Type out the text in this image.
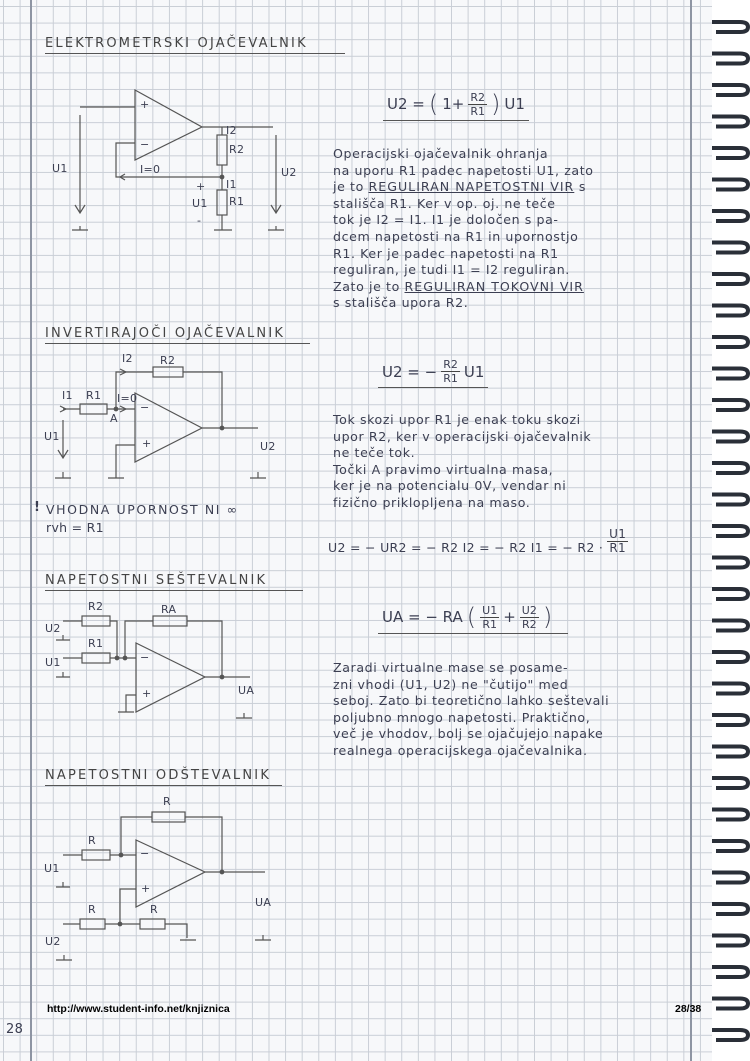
ELEKTROMETRSKI OJAČEVALNIK
U2 = ( $1+ \frac{R2}{R1}$ ) U1
Operacijski ojačevalnik ohranja
na uporu R1 padec napetosti U1, zato
je to REGULIRAN NAPETOSTNI VIR s
stališča R1. Ker v op. oj. ne teče
tok je I2 = I1. I1 je določen s pa-
dcem napetosti na R1 in upornostjo
R1. Ker je padec napetosti na R1
reguliran, je tudi I1 = I2 reguliran.
Zato je to REGULIRAN TOKOVNI VIR
s stališča upora R2.
INVERTIRAJOČI OJAČEVALNIK
U2 = − $\frac{R2}{R1} U1$
Tok skozi upor R1 je enak toku skozi
upor R2, ker v operacijski ojačevalnik
ne teče tok.
Točki A pravimo virtualna masa,
ker je na potencialu 0V, vendar ni
fizično priklopljena na maso.
U2 = − UR2 = − R2 I2 = − R2 I1 = − $R2 \cdot \frac{U1}{R1}$
! VHODNA UPORNOST NI ∞
rvh = R1
NAPETOSTNI SEŠTEVALNIK
UA = − RA ( $\frac{U1}{R1} + \frac{U2}{R2}$ )
Zaradi virtualne mase se posame-
zni vhodi (U1, U2) ne "čutijo" med
seboj. Zato bi teoretično lahko seštevali
poljubno mnogo napetosti. Praktično,
več je vhodov, bolj se ojačujejo napake
realnega operacijskega ojačevalnika.
NAPETOSTNI ODŠTEVALNIK
+
−
I2
R2
I=0
I1
U1
+
U1
-
R1
U2
I2 R2
I1 R1 I=0
A
U1
U2
−
+
R2	RA
U2
R1
U1
UA
−
+
R
R
U1
R	R
U2
UA
−
+
http://www.student-info.net/knjiznica	28/38
28
